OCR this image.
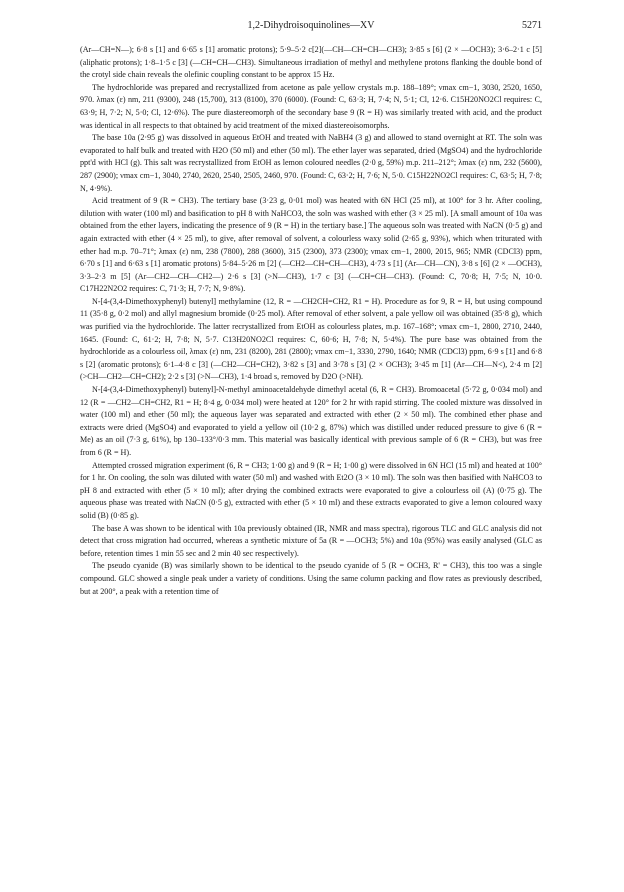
1,2-Dihydroisoquinolines—XV	5271

(Ar—CH=N—); 6·8 s [1] and 6·65 s [1] aromatic protons); 5·9–5·2 c[2](—CH—CH=CH—CH3); 3·85 s [6] (2 × —OCH3); 3·6–2·1 c [5] (aliphatic protons); 1·8–1·5 c [3] (—CH=CH—CH3). Simultaneous irradiation of methyl and methylene protons flanking the double bond of the crotyl side chain reveals the olefinic coupling constant to be approx 15 Hz.

The hydrochloride was prepared and recrystallized from acetone as pale yellow crystals m.p. 188–189°; νmax cm−1, 3030, 2520, 1650, 970. λmax (ε) nm, 211 (9300), 248 (15,700), 313 (8100), 370 (6000). (Found: C, 63·3; H, 7·4; N, 5·1; Cl, 12·6. C15H20NO2Cl requires: C, 63·9; H, 7·2; N, 5·0; Cl, 12·6%). The pure diastereomorph of the secondary base 9 (R = H) was similarly treated with acid, and the product was identical in all respects to that obtained by acid treatment of the mixed diastereoisomorphs.

The base 10a (2·95 g) was dissolved in aqueous EtOH and treated with NaBH4 (3 g) and allowed to stand overnight at RT. The soln was evaporated to half bulk and treated with H2O (50 ml) and ether (50 ml). The ether layer was separated, dried (MgSO4) and the hydrochloride ppt'd with HCl (g). This salt was recrystallized from EtOH as lemon coloured needles (2·0 g, 59%) m.p. 211–212°; λmax (ε) nm, 232 (5600), 287 (2900); νmax cm−1, 3040, 2740, 2620, 2540, 2505, 2460, 970. (Found: C, 63·2; H, 7·6; N, 5·0. C15H22NO2Cl requires: C, 63·5; H, 7·8; N, 4·9%).

Acid treatment of 9 (R = CH3). The tertiary base (3·23 g, 0·01 mol) was heated with 6N HCl (25 ml), at 100° for 3 hr. After cooling, dilution with water (100 ml) and basification to pH 8 with NaHCO3, the soln was washed with ether (3 × 25 ml). [A small amount of 10a was obtained from the ether layers, indicating the presence of 9 (R = H) in the tertiary base.] The aqueous soln was treated with NaCN (0·5 g) and again extracted with ether (4 × 25 ml), to give, after removal of solvent, a colourless waxy solid (2·65 g, 93%), which when triturated with ether had m.p. 70–71°; λmax (ε) nm, 238 (7800), 288 (3600), 315 (2300), 373 (2300); νmax cm−1, 2800, 2015, 965; NMR (CDCl3) ppm, 6·70 s [1] and 6·63 s [1] aromatic protons) 5·84–5·26 m [2] (—CH2—CH=CH—CH3), 4·73 s [1] (Ar—CH—CN), 3·8 s [6] (2 × —OCH3), 3·3–2·3 m [5] (Ar—CH2—CH—CH2—) 2·6 s [3] (>N—CH3), 1·7 c [3] (—CH=CH—CH3). (Found: C, 70·8; H, 7·5; N, 10·0. C17H22N2O2 requires: C, 71·3; H, 7·7; N, 9·8%).

N-[4-(3,4-Dimethoxyphenyl) butenyl] methylamine (12, R = —CH2CH=CH2, R1 = H). Procedure as for 9, R = H, but using compound 11 (35·8 g, 0·2 mol) and allyl magnesium bromide (0·25 mol). After removal of ether solvent, a pale yellow oil was obtained (35·8 g), which was purified via the hydrochloride. The latter recrystallized from EtOH as colourless plates, m.p. 167–168°; νmax cm−1, 2800, 2710, 2440, 1645. (Found: C, 61·2; H, 7·8; N, 5·7. C13H20NO2Cl requires: C, 60·6; H, 7·8; N, 5·4%). The pure base was obtained from the hydrochloride as a colourless oil, λmax (ε) nm, 231 (8200), 281 (2800); νmax cm−1, 3330, 2790, 1640; NMR (CDCl3) ppm, 6·9 s [1] and 6·8 s [2] (aromatic protons); 6·1–4·8 c [3] (—CH2—CH=CH2), 3·82 s [3] and 3·78 s [3] (2 × OCH3); 3·45 m [1] (Ar—CH—N<), 2·4 m [2] (>CH—CH2—CH=CH2); 2·2 s [3] (>N—CH3), 1·4 broad s, removed by D2O (>NH).

N-[4-(3,4-Dimethoxyphenyl) butenyl]-N-methyl aminoacetaldehyde dimethyl acetal (6, R = CH3). Bromoacetal (5·72 g, 0·034 mol) and 12 (R = —CH2—CH=CH2, R1 = H; 8·4 g, 0·034 mol) were heated at 120° for 2 hr with rapid stirring. The cooled mixture was dissolved in water (100 ml) and ether (50 ml); the aqueous layer was separated and extracted with ether (2 × 50 ml). The combined ether phase and extracts were dried (MgSO4) and evaporated to yield a yellow oil (10·2 g, 87%) which was distilled under reduced pressure to give 6 (R = Me) as an oil (7·3 g, 61%), bp 130–133°/0·3 mm. This material was basically identical with previous sample of 6 (R = CH3), but was free from 6 (R = H).

Attempted crossed migration experiment (6, R = CH3; 1·00 g) and 9 (R = H; 1·00 g) were dissolved in 6N HCl (15 ml) and heated at 100° for 1 hr. On cooling, the soln was diluted with water (50 ml) and washed with Et2O (3 × 10 ml). The soln was then basified with NaHCO3 to pH 8 and extracted with ether (5 × 10 ml); after drying the combined extracts were evaporated to give a colourless oil (A) (0·75 g). The aqueous phase was treated with NaCN (0·5 g), extracted with ether (5 × 10 ml) and these extracts evaporated to give a lemon coloured waxy solid (B) (0·85 g).

The base A was shown to be identical with 10a previously obtained (IR, NMR and mass spectra), rigorous TLC and GLC analysis did not detect that cross migration had occurred, whereas a synthetic mixture of 5a (R = —OCH3; 5%) and 10a (95%) was easily analysed (GLC as before, retention times 1 min 55 sec and 2 min 40 sec respectively).

The pseudo cyanide (B) was similarly shown to be identical to the pseudo cyanide of 5 (R = OCH3, R' = CH3), this too was a single compound. GLC showed a single peak under a variety of conditions. Using the same column packing and flow rates as previously described, but at 200°, a peak with a retention time of
